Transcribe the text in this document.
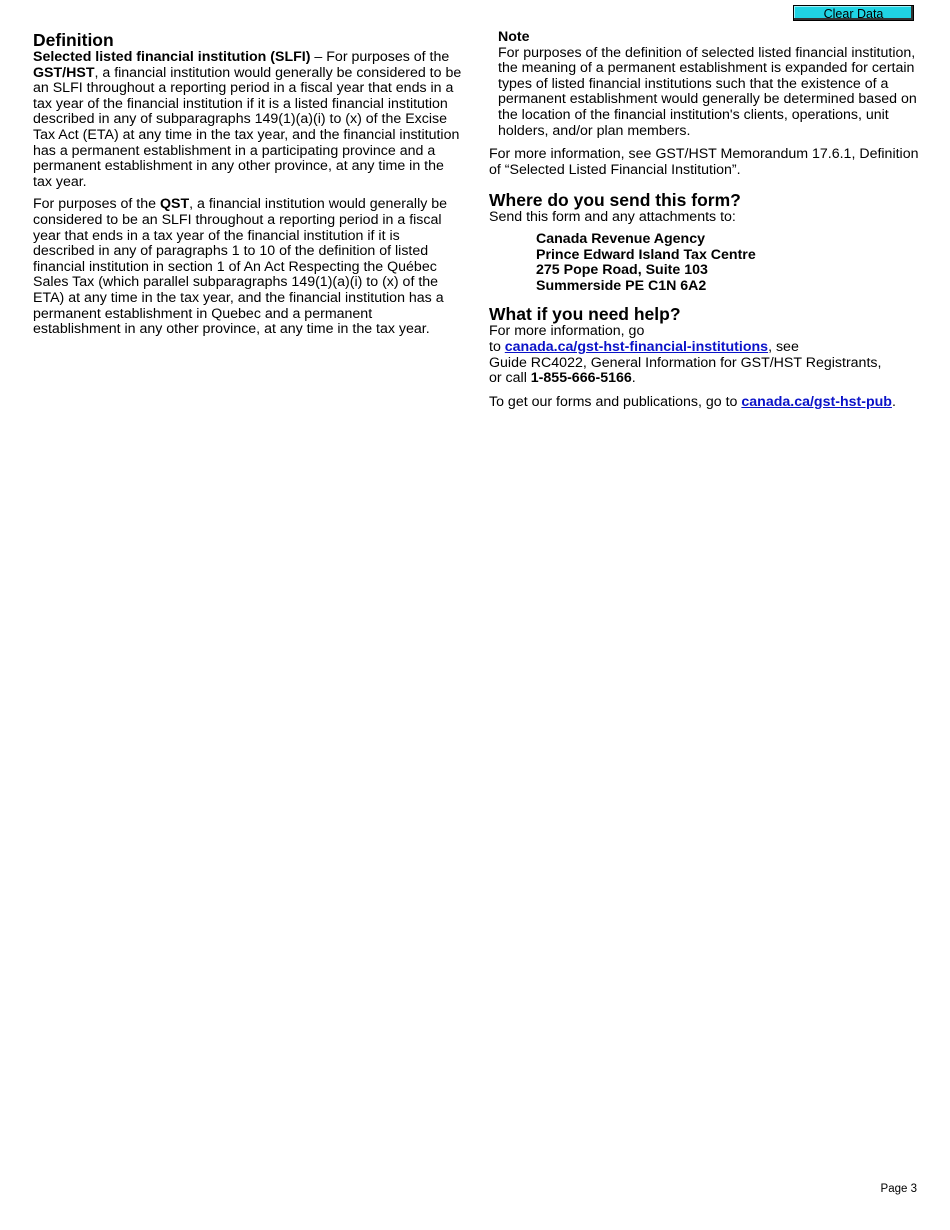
Clear Data
Definition

Selected listed financial institution (SLFI) – For purposes of the GST/HST, a financial institution would generally be considered to be an SLFI throughout a reporting period in a fiscal year that ends in a tax year of the financial institution if it is a listed financial institution described in any of subparagraphs 149(1)(a)(i) to (x) of the Excise Tax Act (ETA) at any time in the tax year, and the financial institution has a permanent establishment in a participating province and a permanent establishment in any other province, at any time in the tax year.

For purposes of the QST, a financial institution would generally be considered to be an SLFI throughout a reporting period in a fiscal year that ends in a tax year of the financial institution if it is described in any of paragraphs 1 to 10 of the definition of listed financial institution in section 1 of An Act Respecting the Québec Sales Tax (which parallel subparagraphs 149(1)(a)(i) to (x) of the ETA) at any time in the tax year, and the financial institution has a permanent establishment in Quebec and a permanent establishment in any other province, at any time in the tax year.

Note

For purposes of the definition of selected listed financial institution, the meaning of a permanent establishment is expanded for certain types of listed financial institutions such that the existence of a permanent establishment would generally be determined based on the location of the financial institution's clients, operations, unit holders, and/or plan members.

For more information, see GST/HST Memorandum 17.6.1, Definition of “Selected Listed Financial Institution”.

Where do you send this form?

Send this form and any attachments to:

Canada Revenue Agency
Prince Edward Island Tax Centre
275 Pope Road, Suite 103
Summerside PE C1N 6A2
What if you need help?

For more information, go

to canada.ca/gst-hst-financial-institutions, see

Guide RC4022, General Information for GST/HST Registrants,

or call 1-855-666-5166.

To get our forms and publications, go to canada.ca/gst-hst-pub.

Page 3
